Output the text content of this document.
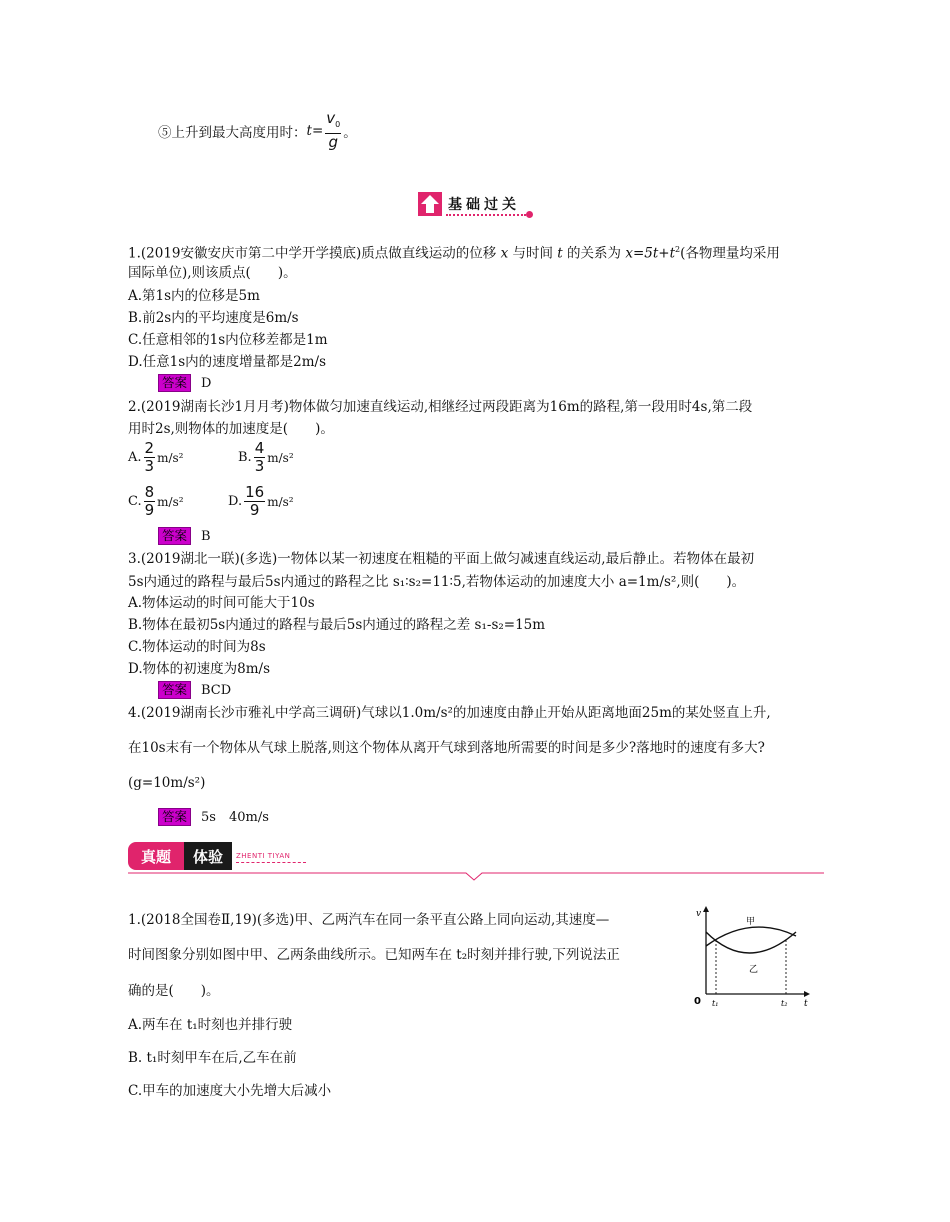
⑤上升到最大高度用时： $t = \frac{v_0}{g}$ 。
基础过关
1.(2019安徽安庆市第二中学开学摸底)质点做直线运动的位移 x 与时间 t 的关系为 $x=5t+t^2$(各物理量均采用
国际单位),则该质点(　　)。
A.第1s内的位移是5m
B.前2s内的平均速度是6m/s
C.任意相邻的1s内位移差都是1m
D.任意1s内的速度增量都是2m/s
答案 D
2.(2019湖南长沙1月月考)物体做匀加速直线运动,相继经过两段距离为16m的路程,第一段用时4s,第二段
用时2s,则物体的加速度是(　　)。
A. $\frac{2}{3} m/s^2$	B. $\frac{4}{3} m/s^2$
C. $\frac{8}{9} m/s^2$	D. $\frac{16}{9} m/s^2$
答案 B
3.(2019湖北一联)(多选)一物体以某一初速度在粗糙的平面上做匀减速直线运动,最后静止。若物体在最初
5s内通过的路程与最后5s内通过的路程之比 s₁∶s₂=11∶5,若物体运动的加速度大小 a=1m/s²,则(　　)。
A.物体运动的时间可能大于10s
B.物体在最初5s内通过的路程与最后5s内通过的路程之差 s₁-s₂=15m
C.物体运动的时间为8s
D.物体的初速度为8m/s
答案 BCD
4.(2019湖南长沙市雅礼中学高三调研)气球以1.0m/s²的加速度由静止开始从距离地面25m的某处竖直上升,
在10s末有一个物体从气球上脱落,则这个物体从离开气球到落地所需要的时间是多少?落地时的速度有多大?
(g=10m/s²)
答案 5s　40m/s
真题 体验 ZHENTI TIYAN
1.(2018全国卷Ⅱ,19)(多选)甲、乙两汽车在同一条平直公路上同向运动,其速度—
时间图象分别如图中甲、乙两条曲线所示。已知两车在 t₂时刻并排行驶,下列说法正
确的是(　　)。
A.两车在 t₁时刻也并排行驶
B. t₁时刻甲车在后,乙车在前
C.甲车的加速度大小先增大后减小
v
t
0 t₁	t₂
甲
乙
